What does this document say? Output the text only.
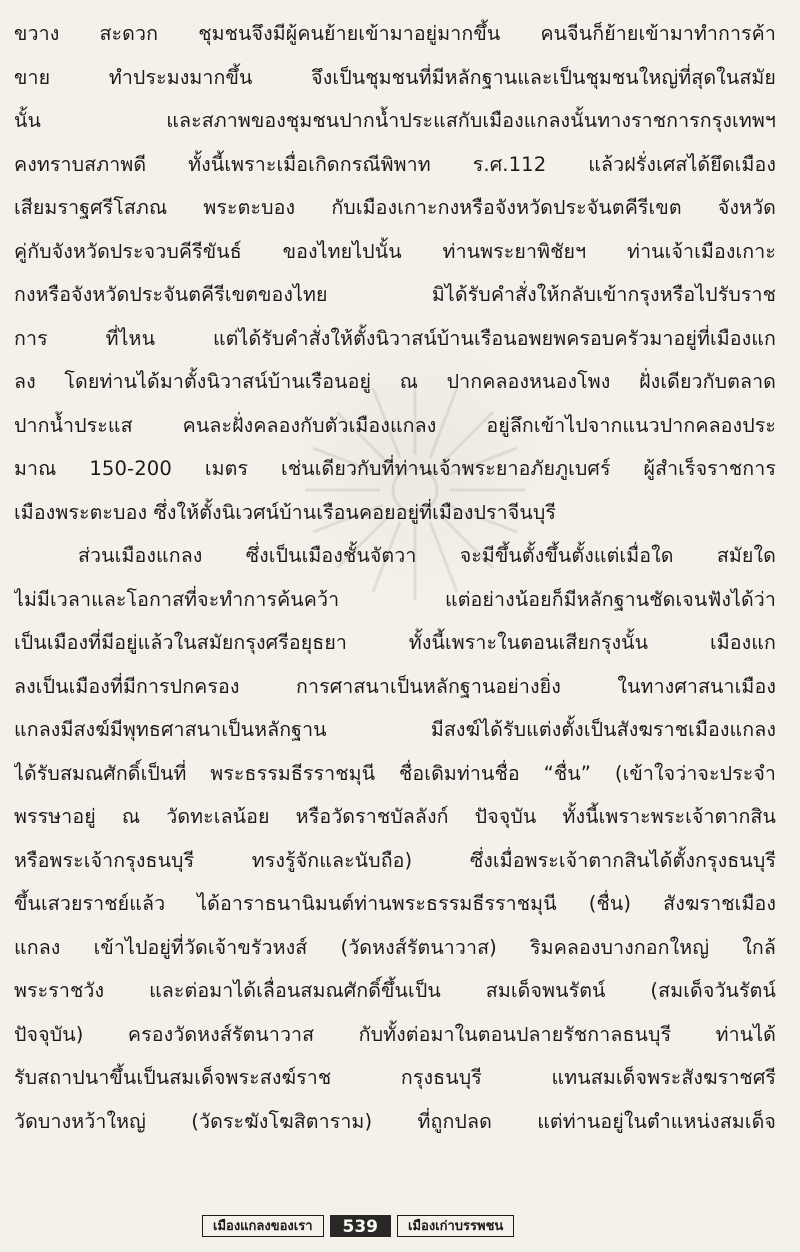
ขวาง สะดวก ชุมชนจึงมีผู้คนย้ายเข้ามาอยู่มากขึ้น คนจีนก็ย้ายเข้ามาทำการค้า
ขาย ทำประมงมากขึ้น จึงเป็นชุมชนที่มีหลักฐานและเป็นชุมชนใหญ่ที่สุดในสมัย
นั้น และสภาพของชุมชนปากน้ำประแสกับเมืองแกลงนั้นทางราชการกรุงเทพฯ
คงทราบสภาพดี ทั้งนี้เพราะเมื่อเกิดกรณีพิพาท ร.ศ.112 แล้วฝรั่งเศสได้ยึดเมือง
เสียมราฐศรีโสภณ พระตะบอง กับเมืองเกาะกงหรือจังหวัดประจันตคีรีเขต จังหวัด
คู่กับจังหวัดประจวบคีรีขันธ์ ของไทยไปนั้น ท่านพระยาพิชัยฯ ท่านเจ้าเมืองเกาะ
กงหรือจังหวัดประจันตคีรีเขตของไทย มิได้รับคำสั่งให้กลับเข้ากรุงหรือไปรับราช
การ ที่ไหน แต่ได้รับคำสั่งให้ตั้งนิวาสน์บ้านเรือนอพยพครอบครัวมาอยู่ที่เมืองแก
ลง โดยท่านได้มาตั้งนิวาสน์บ้านเรือนอยู่ ณ ปากคลองหนองโพง ฝั่งเดียวกับตลาด
ปากน้ำประแส คนละฝั่งคลองกับตัวเมืองแกลง อยู่ลึกเข้าไปจากแนวปากคลองประ
มาณ 150-200 เมตร เช่นเดียวกับที่ท่านเจ้าพระยาอภัยภูเบศร์ ผู้สำเร็จราชการ
เมืองพระตะบอง ซึ่งให้ตั้งนิเวศน์บ้านเรือนคอยอยู่ที่เมืองปราจีนบุรี
ส่วนเมืองแกลง ซึ่งเป็นเมืองชั้นจัตวา จะมีขึ้นตั้งขึ้นตั้งแต่เมื่อใด สมัยใด
ไม่มีเวลาและโอกาสที่จะทำการค้นคว้า แต่อย่างน้อยก็มีหลักฐานชัดเจนฟังได้ว่า
เป็นเมืองที่มีอยู่แล้วในสมัยกรุงศรีอยุธยา ทั้งนี้เพราะในตอนเสียกรุงนั้น เมืองแก
ลงเป็นเมืองที่มีการปกครอง การศาสนาเป็นหลักฐานอย่างยิ่ง ในทางศาสนาเมือง
แกลงมีสงฆ์มีพุทธศาสนาเป็นหลักฐาน มีสงฆ์ได้รับแต่งตั้งเป็นสังฆราชเมืองแกลง
ได้รับสมณศักดิ์เป็นที่ พระธรรมธีรราชมุนี ชื่อเดิมท่านชื่อ “ชื่น” (เข้าใจว่าจะประจำ
พรรษาอยู่ ณ วัดทะเลน้อย หรือวัดราชบัลลังก์ ปัจจุบัน ทั้งนี้เพราะพระเจ้าตากสิน
หรือพระเจ้ากรุงธนบุรี ทรงรู้จักและนับถือ) ซึ่งเมื่อพระเจ้าตากสินได้ตั้งกรุงธนบุรี
ขึ้นเสวยราชย์แล้ว ได้อาราธนานิมนต์ท่านพระธรรมธีรราชมุนี (ชื่น) สังฆราชเมือง
แกลง เข้าไปอยู่ที่วัดเจ้าขรัวหงส์ (วัดหงส์รัตนาวาส) ริมคลองบางกอกใหญ่ ใกล้
พระราชวัง และต่อมาได้เลื่อนสมณศักดิ์ขึ้นเป็น สมเด็จพนรัตน์ (สมเด็จวันรัตน์
ปัจจุบัน) ครองวัดหงส์รัตนาวาส กับทั้งต่อมาในตอนปลายรัชกาลธนบุรี ท่านได้
รับสถาปนาขึ้นเป็นสมเด็จพระสงฆ์ราช กรุงธนบุรี แทนสมเด็จพระสังฆราชศรี
วัดบางหว้าใหญ่ (วัดระฆังโฆสิตาราม) ที่ถูกปลด แต่ท่านอยู่ในตำแหน่งสมเด็จ
เมืองแกลงของเรา	539	เมืองเก่าบรรพชน
